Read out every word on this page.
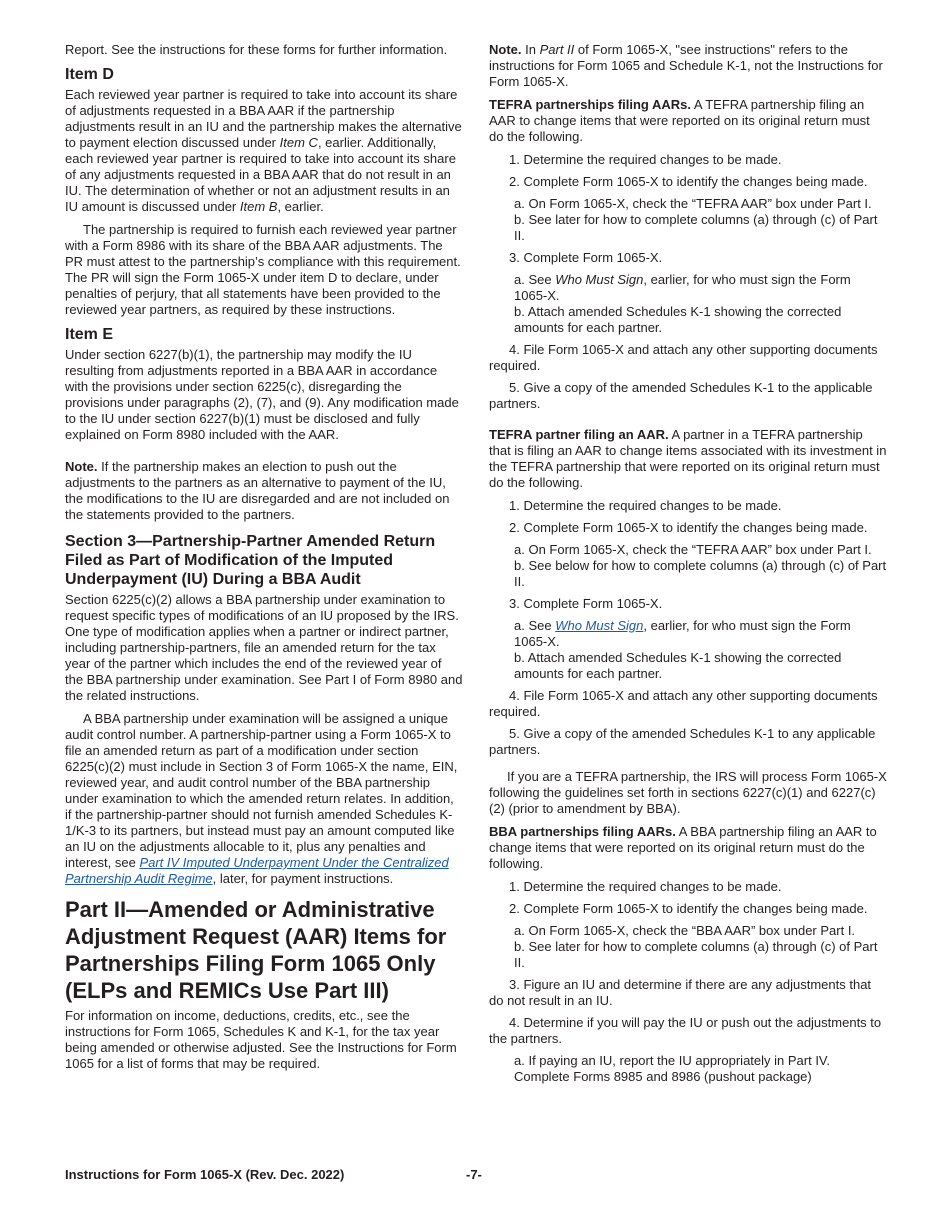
Report. See the instructions for these forms for further information.

Item D

Each reviewed year partner is required to take into account its share of adjustments requested in a BBA AAR if the partnership adjustments result in an IU and the partnership makes the alternative to payment election discussed under Item C, earlier. Additionally, each reviewed year partner is required to take into account its share of any adjustments requested in a BBA AAR that do not result in an IU. The determination of whether or not an adjustment results in an IU amount is discussed under Item B, earlier.

The partnership is required to furnish each reviewed year partner with a Form 8986 with its share of the BBA AAR adjustments. The PR must attest to the partnership’s compliance with this requirement. The PR will sign the Form 1065-X under item D to declare, under penalties of perjury, that all statements have been provided to the reviewed year partners, as required by these instructions.

Item E

Under section 6227(b)(1), the partnership may modify the IU resulting from adjustments reported in a BBA AAR in accordance with the provisions under section 6225(c), disregarding the provisions under paragraphs (2), (7), and (9). Any modification made to the IU under section 6227(b)(1) must be disclosed and fully explained on Form 8980 included with the AAR.

Note. If the partnership makes an election to push out the adjustments to the partners as an alternative to payment of the IU, the modifications to the IU are disregarded and are not included on the statements provided to the partners.

Section 3—Partnership-Partner Amended Return Filed as Part of Modification of the Imputed Underpayment (IU) During a BBA Audit

Section 6225(c)(2) allows a BBA partnership under examination to request specific types of modifications of an IU proposed by the IRS. One type of modification applies when a partner or indirect partner, including partnership-partners, file an amended return for the tax year of the partner which includes the end of the reviewed year of the BBA partnership under examination. See Part I of Form 8980 and the related instructions.

A BBA partnership under examination will be assigned a unique audit control number. A partnership-partner using a Form 1065-X to file an amended return as part of a modification under section 6225(c)(2) must include in Section 3 of Form 1065-X the name, EIN, reviewed year, and audit control number of the BBA partnership under examination to which the amended return relates. In addition, if the partnership-partner should not furnish amended Schedules K-1/K-3 to its partners, but instead must pay an amount computed like an IU on the adjustments allocable to it, plus any penalties and interest, see Part IV Imputed Underpayment Under the Centralized Partnership Audit Regime, later, for payment instructions.

Part II—Amended or Administrative Adjustment Request (AAR) Items for Partnerships Filing Form 1065 Only (ELPs and REMICs Use Part III)

For information on income, deductions, credits, etc., see the instructions for Form 1065, Schedules K and K-1, for the tax year being amended or otherwise adjusted. See the Instructions for Form 1065 for a list of forms that may be required.

Note. In Part II of Form 1065-X, "see instructions" refers to the instructions for Form 1065 and Schedule K-1, not the Instructions for Form 1065-X.

TEFRA partnerships filing AARs. A TEFRA partnership filing an AAR to change items that were reported on its original return must do the following.

1. Determine the required changes to be made.

2. Complete Form 1065-X to identify the changes being made.

a. On Form 1065-X, check the “TEFRA AAR” box under Part I.

b. See later for how to complete columns (a) through (c) of Part II.

3. Complete Form 1065-X.

a. See Who Must Sign, earlier, for who must sign the Form 1065-X.

b. Attach amended Schedules K-1 showing the corrected amounts for each partner.

4. File Form 1065-X and attach any other supporting documents required.

5. Give a copy of the amended Schedules K-1 to the applicable partners.

TEFRA partner filing an AAR. A partner in a TEFRA partnership that is filing an AAR to change items associated with its investment in the TEFRA partnership that were reported on its original return must do the following.

1. Determine the required changes to be made.

2. Complete Form 1065-X to identify the changes being made.

a. On Form 1065-X, check the “TEFRA AAR” box under Part I.

b. See below for how to complete columns (a) through (c) of Part II.

3. Complete Form 1065-X.

a. See Who Must Sign, earlier, for who must sign the Form 1065-X.

b. Attach amended Schedules K-1 showing the corrected amounts for each partner.

4. File Form 1065-X and attach any other supporting documents required.

5. Give a copy of the amended Schedules K-1 to any applicable partners.

If you are a TEFRA partnership, the IRS will process Form 1065-X following the guidelines set forth in sections 6227(c)(1) and 6227(c)(2) (prior to amendment by BBA).

BBA partnerships filing AARs. A BBA partnership filing an AAR to change items that were reported on its original return must do the following.

1. Determine the required changes to be made.

2. Complete Form 1065-X to identify the changes being made.

a. On Form 1065-X, check the “BBA AAR” box under Part I.

b. See later for how to complete columns (a) through (c) of Part II.

3. Figure an IU and determine if there are any adjustments that do not result in an IU.

4. Determine if you will pay the IU or push out the adjustments to the partners.

a. If paying an IU, report the IU appropriately in Part IV. Complete Forms 8985 and 8986 (pushout package)

Instructions for Form 1065-X (Rev. Dec. 2022)	-7-
